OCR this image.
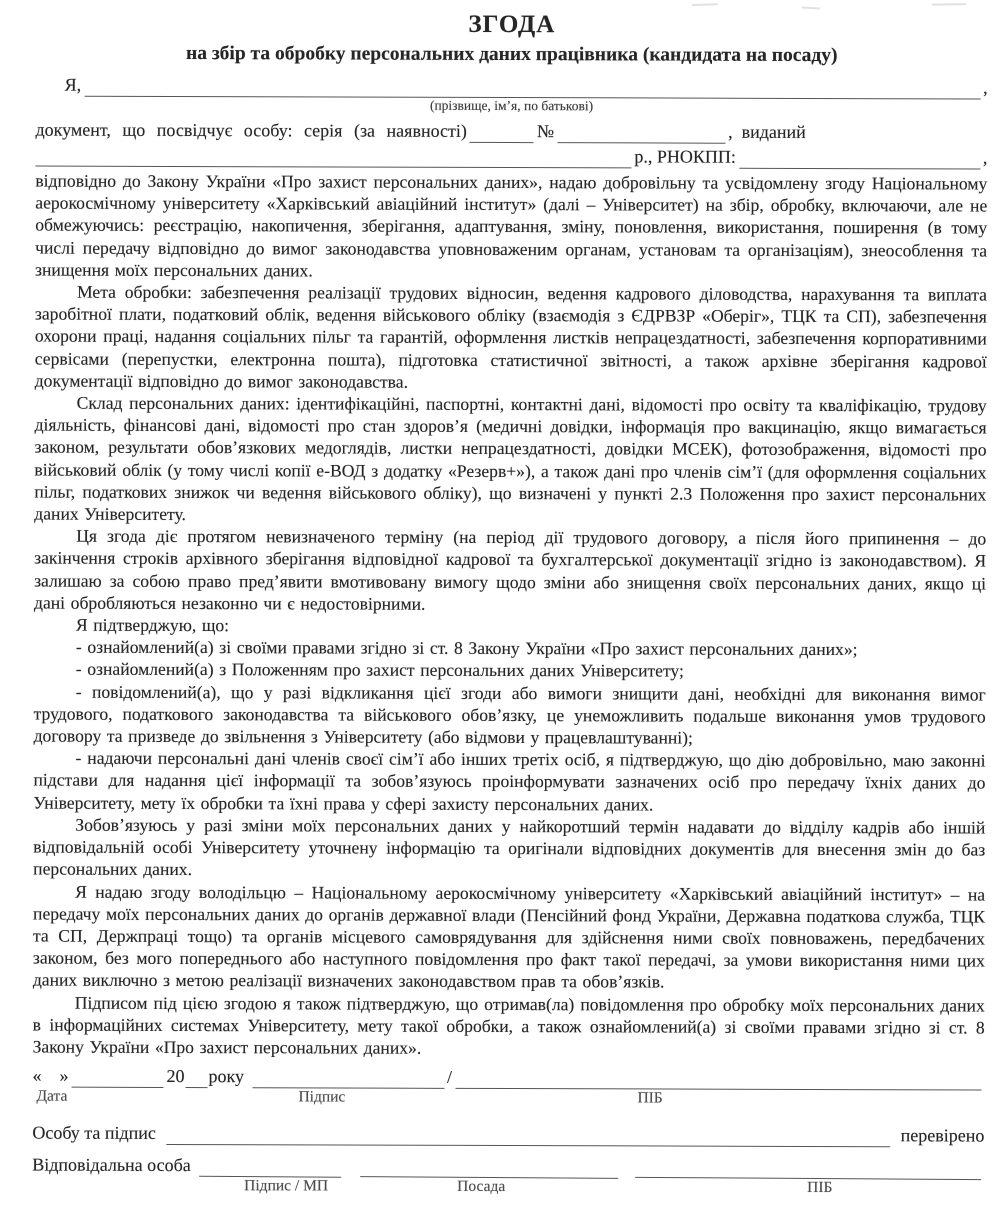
ЗГОДА
на збір та обробку персональних даних працівника (кандидата на посаду)
Я,	,
(прізвище, ім’я, по батькові)
документ, що посвідчує особу: серія (за наявності)	№	,  виданий
р., РНОКПП:	,

відповідно до Закону України «Про захист персональних даних», надаю добровільну та усвідомлену згоду Національному аерокосмічному університету «Харківський авіаційний інститут» (далі – Університет) на збір, обробку, включаючи, але не обмежуючись: реєстрацію, накопичення, зберігання, адаптування, зміну, поновлення, використання, поширення (в тому числі передачу відповідно до вимог законодавства уповноваженим органам, установам та організаціям), знеособлення та знищення моїх персональних даних.

Мета обробки: забезпечення реалізації трудових відносин, ведення кадрового діловодства, нарахування та виплата заробітної плати, податковий облік, ведення військового обліку (взаємодія з ЄДРВЗР «Оберіг», ТЦК та СП), забезпечення охорони праці, надання соціальних пільг та гарантій, оформлення листків непрацездатності, забезпечення корпоративними сервісами (перепустки, електронна пошта), підготовка статистичної звітності, а також архівне зберігання кадрової документації відповідно до вимог законодавства.

Склад персональних даних: ідентифікаційні, паспортні, контактні дані, відомості про освіту та кваліфікацію, трудову діяльність, фінансові дані, відомості про стан здоров’я (медичні довідки, інформація про вакцинацію, якщо вимагається законом, результати обов’язкових медоглядів, листки непрацездатності, довідки МСЕК), фотозображення, відомості про військовий облік (у тому числі копії е-ВОД з додатку «Резерв+»), а також дані про членів сім’ї (для оформлення соціальних пільг, податкових знижок чи ведення військового обліку), що визначені у пункті 2.3 Положення про захист персональних даних Університету.

Ця згода діє протягом невизначеного терміну (на період дії трудового договору, а після його припинення – до закінчення строків архівного зберігання відповідної кадрової та бухгалтерської документації згідно із законодавством). Я залишаю за собою право пред’явити вмотивовану вимогу щодо зміни або знищення своїх персональних даних, якщо ці дані обробляються незаконно чи є недостовірними.

Я підтверджую, що:

- ознайомлений(а) зі своїми правами згідно зі ст. 8 Закону України «Про захист персональних даних»;

- ознайомлений(а) з Положенням про захист персональних даних Університету;

- повідомлений(а), що у разі відкликання цієї згоди або вимоги знищити дані, необхідні для виконання вимог трудового, податкового законодавства та військового обов’язку, це унеможливить подальше виконання умов трудового договору та призведе до звільнення з Університету (або відмови у працевлаштуванні);

- надаючи персональні дані членів своєї сім’ї або інших третіх осіб, я підтверджую, що дію добровільно, маю законні підстави для надання цієї інформації та зобов’язуюсь проінформувати зазначених осіб про передачу їхніх даних до Університету, мету їх обробки та їхні права у сфері захисту персональних даних.

Зобов’язуюсь у разі зміни моїх персональних даних у найкоротший термін надавати до відділу кадрів або іншій відповідальній особі Університету уточнену інформацію та оригінали відповідних документів для внесення змін до баз персональних даних.

Я надаю згоду володільцю – Національному аерокосмічному університету «Харківський авіаційний інститут» – на передачу моїх персональних даних до органів державної влади (Пенсійний фонд України, Державна податкова служба, ТЦК та СП, Держпраці тощо) та органів місцевого самоврядування для здійснення ними своїх повноважень, передбачених законом, без мого попереднього або наступного повідомлення про факт такої передачі, за умови використання ними цих даних виключно з метою реалізації визначених законодавством прав та обов’язків.

Підписом під цією згодою я також підтверджую, що отримав(ла) повідомлення про обробку моїх персональних даних в інформаційних системах Університету, мету такої обробки, а також ознайомлений(а) зі своїми правами згідно зі ст. 8 Закону України «Про захист персональних даних».

«    »	20 року	/
Дата	Підпис	ПІБ
Особу та підпис	перевірено
Відповідальна особа
Підпис / МП	Посада	ПІБ
